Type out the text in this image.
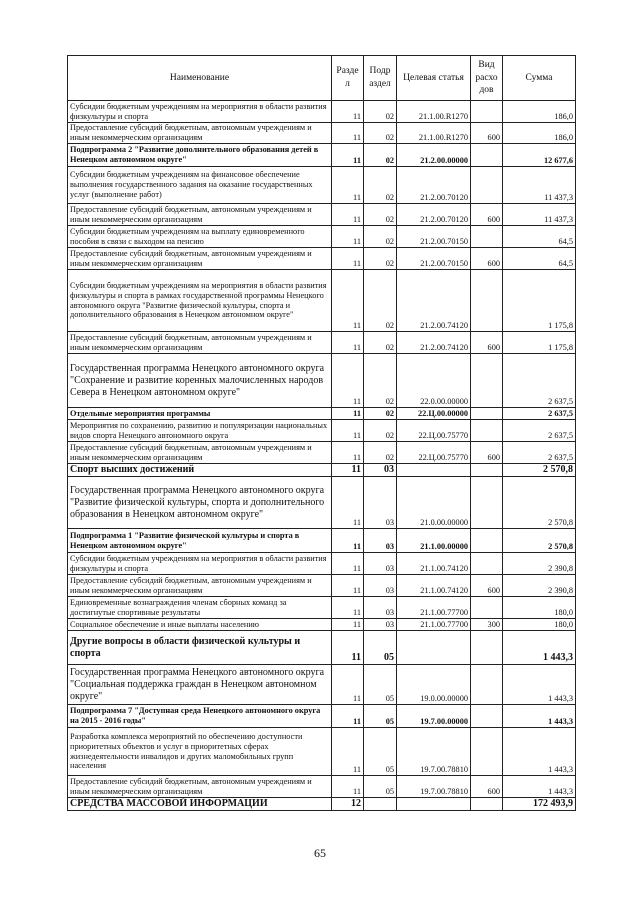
Наименование	Разде л	Подр аздел	Целевая статья	Вид расхо дов	Сумма
Субсидии бюджетным учреждениям на мероприятия в области развития физкультуры и спорта	11	02	21.1.00.R1270		186,0
Предоставление субсидий бюджетным, автономным учреждениям и иным некоммерческим организациям	11	02	21.1.00.R1270	600	186,0
Подпрограмма 2 "Развитие дополнительного образования детей в Ненецком автономном округе"	11	02	21.2.00.00000		12 677,6
Субсидии бюджетным учреждениям на финансовое обеспечение выполнения государственного задания на оказание государственных услуг (выполнение работ)	11	02	21.2.00.70120		11 437,3
Предоставление субсидий бюджетным, автономным учреждениям и иным некоммерческим организациям	11	02	21.2.00.70120	600	11 437,3
Субсидии бюджетным учреждениям на выплату единовременного пособия в связи с выходом на пенсию	11	02	21.2.00.70150		64,5
Предоставление субсидий бюджетным, автономным учреждениям и иным некоммерческим организациям	11	02	21.2.00.70150	600	64,5
Субсидии бюджетным учреждениям на мероприятия в области развития физкультуры и спорта в рамках государственной программы Ненецкого автономного округа "Развитие физической культуры, спорта и дополнительного образования в Ненецком автономном округе"	11	02	21.2.00.74120		1 175,8
Предоставление субсидий бюджетным, автономным учреждениям и иным некоммерческим организациям	11	02	21.2.00.74120	600	1 175,8
Государственная программа Ненецкого автономного округа "Сохранение и развитие коренных малочисленных народов Севера в Ненецком автономном округе"	11	02	22.0.00.00000		2 637,5
Отдельные мероприятия программы	11	02	22.Ц.00.00000		2 637,5
Мероприятия по сохранению, развитию и популяризации национальных видов спорта Ненецкого автономного округа	11	02	22.Ц.00.75770		2 637,5
Предоставление субсидий бюджетным, автономным учреждениям и иным некоммерческим организациям	11	02	22.Ц.00.75770	600	2 637,5
Спорт высших достижений	11	03			2 570,8
Государственная программа Ненецкого автономного округа "Развитие физической культуры, спорта и дополнительного образования в Ненецком автономном округе"	11	03	21.0.00.00000		2 570,8
Подпрограмма 1 "Развитие физической культуры и спорта в Ненецком автономном округе"	11	03	21.1.00.00000		2 570,8
Субсидии бюджетным учреждениям на мероприятия в области развития физкультуры и спорта	11	03	21.1.00.74120		2 390,8
Предоставление субсидий бюджетным, автономным учреждениям и иным некоммерческим организациям	11	03	21.1.00.74120	600	2 390,8
Единовременные вознаграждения членам сборных команд за достигнутые спортивные результаты	11	03	21.1.00.77700		180,0
Социальное обеспечение и иные выплаты населению	11	03	21.1.00.77700	300	180,0
Другие вопросы в области физической культуры и спорта	11	05			1 443,3
Государственная программа Ненецкого автономного округа "Социальная поддержка граждан в Ненецком автономном округе"	11	05	19.0.00.00000		1 443,3
Подпрограмма 7 "Доступная среда Ненецкого автономного округа на 2015 - 2016 годы"	11	05	19.7.00.00000		1 443,3
Разработка комплекса мероприятий по обеспечению доступности приоритетных объектов и услуг в приоритетных сферах жизнедеятельности инвалидов и других маломобильных групп населения	11	05	19.7.00.78810		1 443,3
Предоставление субсидий бюджетным, автономным учреждениям и иным некоммерческим организациям	11	05	19.7.00.78810	600	1 443,3
СРЕДСТВА МАССОВОЙ ИНФОРМАЦИИ	12				172 493,9
65
